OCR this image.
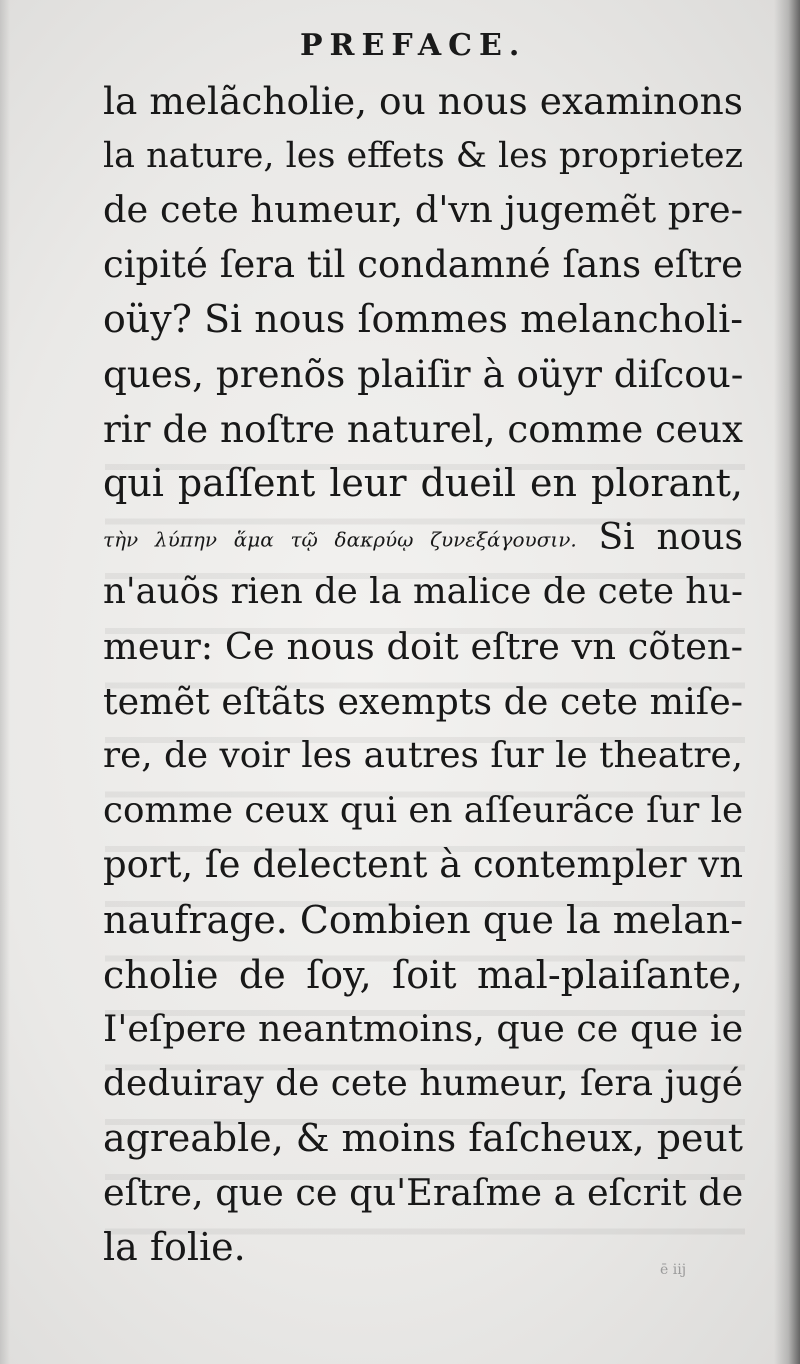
PREFACE.
la melãcholie, ou nous examinons
la nature, les effets & les proprietez
de cete humeur, d'vn jugemẽt pre-
cipité ſera til condamné ſans eſtre
oüy? Si nous ſommes melancholi-
ques, prenõs plaiſir à oüyr diſcou-
rir de noſtre naturel, comme ceux
qui paſſent leur dueil en plorant,
τὴν λύπην ἅμα τῷ δακρύῳ ζυνεξάγουσιν. Si nous
n'auõs rien de la malice de cete hu-
meur: Ce nous doit eſtre vn cõten-
temẽt eſtãts exempts de cete miſe-
re, de voir les autres ſur le theatre,
comme ceux qui en aſſeurãce ſur le
port, ſe delectent à contempler vn
naufrage. Combien que la melan-
cholie de ſoy, ſoit mal-plaiſante,
I'eſpere neantmoins, que ce que ie
deduiray de cete humeur, ſera jugé
agreable, & moins faſcheux, peut
eſtre, que ce qu'Eraſme a eſcrit de
la folie.

ē iij
